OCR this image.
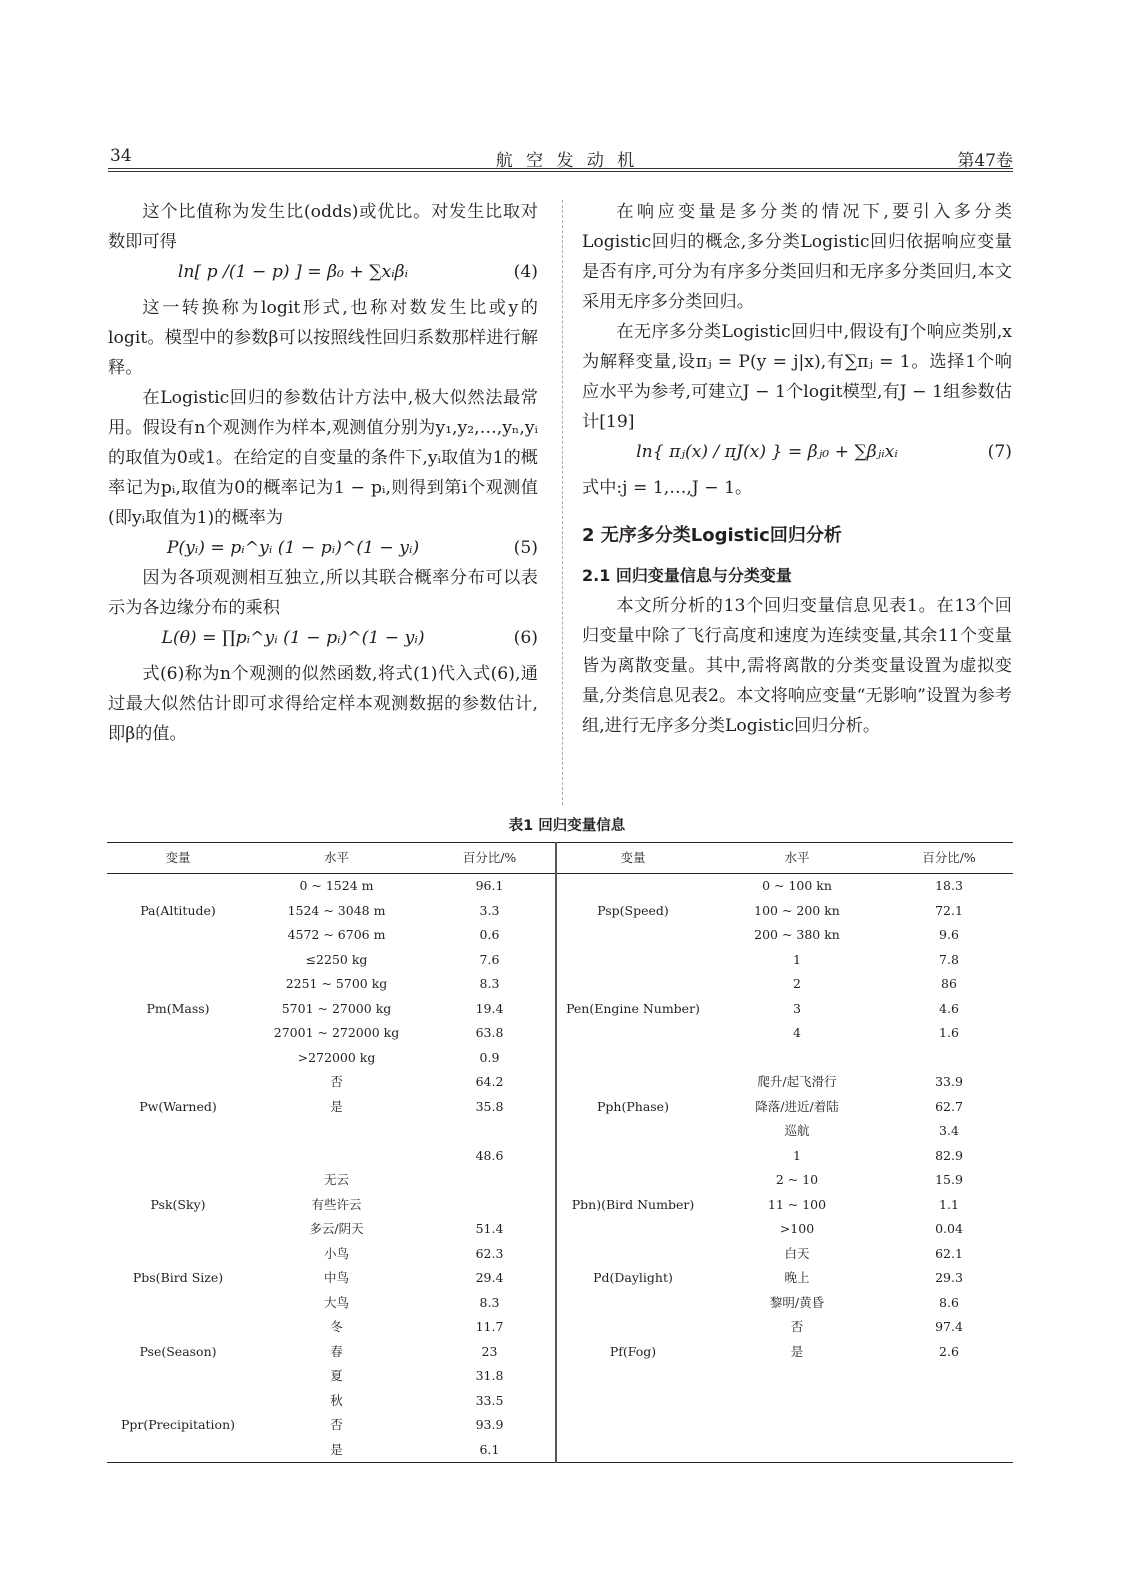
34	航 空 发 动 机	第47卷

这个比值称为发生比(odds)或优比。对发生比取对数即可得

ln[ p /(1 − p) ] = β₀ + ∑xᵢβᵢ	(4)

这一转换称为logit形式,也称对数发生比或y的logit。模型中的参数β可以按照线性回归系数那样进行解释。

在Logistic回归的参数估计方法中,极大似然法最常用。假设有n个观测作为样本,观测值分别为y₁,y₂,…,yₙ,yᵢ的取值为0或1。在给定的自变量的条件下,yᵢ取值为1的概率记为pᵢ,取值为0的概率记为1 − pᵢ,则得到第i个观测值(即yᵢ取值为1)的概率为

P(yᵢ) = pᵢ^yᵢ (1 − pᵢ)^(1 − yᵢ)	(5)

因为各项观测相互独立,所以其联合概率分布可以表示为各边缘分布的乘积

L(θ) = ∏pᵢ^yᵢ (1 − pᵢ)^(1 − yᵢ)	(6)

式(6)称为n个观测的似然函数,将式(1)代入式(6),通过最大似然估计即可求得给定样本观测数据的参数估计,即β的值。

在响应变量是多分类的情况下,要引入多分类Logistic回归的概念,多分类Logistic回归依据响应变量是否有序,可分为有序多分类回归和无序多分类回归,本文采用无序多分类回归。

在无序多分类Logistic回归中,假设有J个响应类别,x为解释变量,设πⱼ = P(y = j|x),有∑πⱼ = 1。选择1个响应水平为参考,可建立J − 1个logit模型,有J − 1组参数估计[19]

ln{ πⱼ(x) / πJ(x) } = βⱼ₀ + ∑βⱼᵢxᵢ	(7)

式中:j = 1,…,J − 1。

2 无序多分类Logistic回归分析

2.1 回归变量信息与分类变量

本文所分析的13个回归变量信息见表1。在13个回归变量中除了飞行高度和速度为连续变量,其余11个变量皆为离散变量。其中,需将离散的分类变量设置为虚拟变量,分类信息见表2。本文将响应变量“无影响”设置为参考组,进行无序多分类Logistic回归分析。

表1 回归变量信息
变量	水平	百分比/%	变量	水平	百分比/%
	0 ~ 1524 m	96.1		0 ~ 100 kn	18.3
Pa(Altitude)	1524 ~ 3048 m	3.3	Psp(Speed)	100 ~ 200 kn	72.1
	4572 ~ 6706 m	0.6		200 ~ 380 kn	9.6
	≤2250 kg	7.6		1	7.8
	2251 ~ 5700 kg	8.3		2	86
Pm(Mass)	5701 ~ 27000 kg	19.4	Pen(Engine Number)	3	4.6
	27001 ~ 272000 kg	63.8		4	1.6
	>272000 kg	0.9			
	否	64.2		爬升/起飞滑行	33.9
Pw(Warned)	是	35.8	Pph(Phase)	降落/进近/着陆	62.7
				巡航	3.4
		48.6		1	82.9
	无云			2 ~ 10	15.9
Psk(Sky)	有些许云		Pbn)(Bird Number)	11 ~ 100	1.1
	多云/阴天	51.4		>100	0.04
	小鸟	62.3		白天	62.1
Pbs(Bird Size)	中鸟	29.4	Pd(Daylight)	晚上	29.3
	大鸟	8.3		黎明/黄昏	8.6
	冬	11.7		否	97.4
Pse(Season)	春	23	Pf(Fog)	是	2.6
	夏	31.8			
	秋	33.5			
Ppr(Precipitation)	否	93.9			
	是	6.1			
